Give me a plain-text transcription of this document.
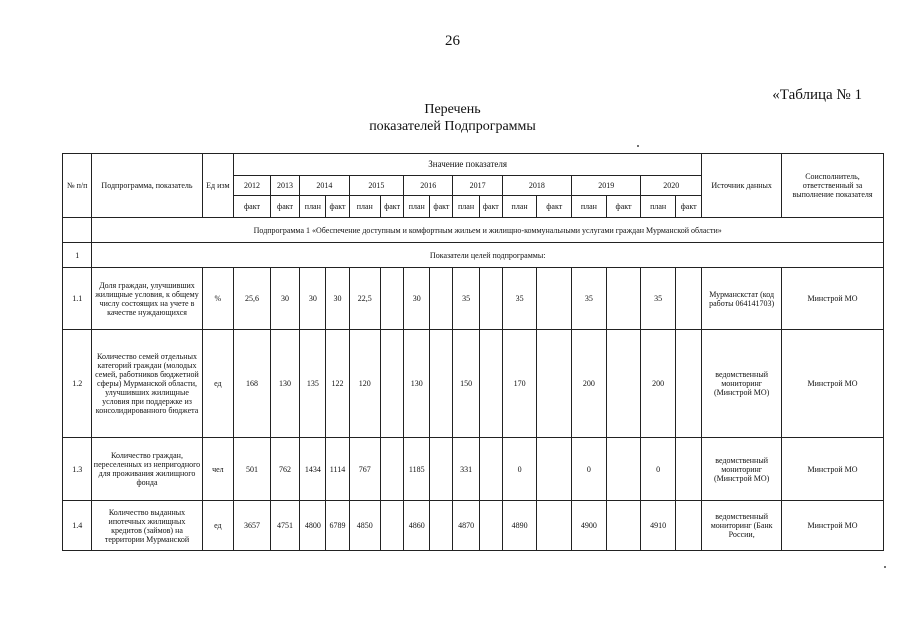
26
«Таблица № 1
Перечень
показателей Подпрограммы
№ п/п	Подпрограмма, показатель	Ед изм	Значение показателя																Источник данных	Соисполнитель, ответственный за выполнение показателя
			2012	2013	2014		2015		2016		2017		2018		2019		2020			
			факт	факт	план	факт	план	факт	план	факт	план	факт	план	факт	план	факт	план	факт		
	Подпрограмма 1 «Обеспечение доступным и комфортным жильем и жилищно-коммунальными услугами граждан Мурманской области»																			
1	Показатели целей подпрограммы:																			
1.1	Доля граждан, улучшивших жилищные условия, к общему числу состоящих на учете в качестве нуждающихся	%	25,6	30	30	30	22,5		30		35		35		35		35		Мурманскстат (код работы 064141703)	Минстрой МО
1.2	Количество семей отдельных категорий граждан (молодых семей, работников бюджетной сферы) Мурманской области, улучшивших жилищные условия при поддержке из консолидированного бюджета	ед	168	130	135	122	120		130		150		170		200		200		ведомственный мониторинг (Минстрой МО)	Минстрой МО
1.3	Количество граждан, переселенных из непригодного для проживания жилищного фонда	чел	501	762	1434	1114	767		1185		331		0		0		0		ведомственный мониторинг (Минстрой МО)	Минстрой МО
1.4	Количество выданных ипотечных жилищных кредитов (займов) на территории Мурманской	ед	3657	4751	4800	6789	4850		4860		4870		4890		4900		4910		ведомственный мониторинг (Банк России,	Минстрой МО
